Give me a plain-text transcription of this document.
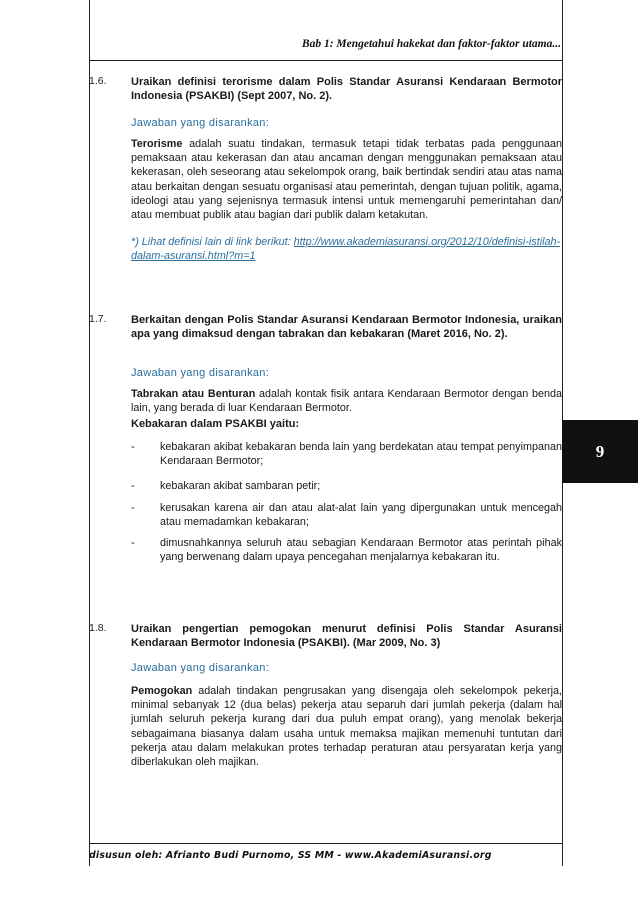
Bab 1: Mengetahui hakekat dan faktor-faktor utama...
1.6. Uraikan definisi terorisme dalam Polis Standar Asuransi Kendaraan Bermotor Indonesia (PSAKBI) (Sept 2007, No. 2).
Jawaban yang disarankan:
Terorisme adalah suatu tindakan, termasuk tetapi tidak terbatas pada penggunaan pemaksaan atau kekerasan dan atau ancaman dengan menggunakan pemaksaan atau kekerasan, oleh seseorang atau sekelompok orang, baik bertindak sendiri atau atas nama atau berkaitan dengan sesuatu organisasi atau pemerintah, dengan tujuan politik, agama, ideologi atau yang sejenisnya termasuk intensi untuk memengaruhi pemerintahan dan/ atau membuat publik atau bagian dari publik dalam ketakutan.
*) Lihat definisi lain di link berikut: http://www.akademiasuransi.org/2012/10/definisi-istilah-dalam-asuransi.html?m=1
1.7. Berkaitan dengan Polis Standar Asuransi Kendaraan Bermotor Indonesia, uraikan apa yang dimaksud dengan tabrakan dan kebakaran (Maret 2016, No. 2).
Jawaban yang disarankan:
Tabrakan atau Benturan adalah kontak fisik antara Kendaraan Bermotor dengan benda lain, yang berada di luar Kendaraan Bermotor.
Kebakaran dalam PSAKBI yaitu:
- kebakaran akibat kebakaran benda lain yang berdekatan atau tempat penyimpanan Kendaraan Bermotor;
- kebakaran akibat sambaran petir;
- kerusakan karena air dan atau alat-alat lain yang dipergunakan untuk mencegah atau memadamkan kebakaran;
- dimusnahkannya seluruh atau sebagian Kendaraan Bermotor atas perintah pihak yang berwenang dalam upaya pencegahan menjalarnya kebakaran itu.
1.8. Uraikan pengertian pemogokan menurut definisi Polis Standar Asuransi Kendaraan Bermotor Indonesia (PSAKBI). (Mar 2009, No. 3)
Jawaban yang disarankan:
Pemogokan adalah tindakan pengrusakan yang disengaja oleh sekelompok pekerja, minimal sebanyak 12 (dua belas) pekerja atau separuh dari jumlah pekerja (dalam hal jumlah seluruh pekerja kurang dari dua puluh empat orang), yang menolak bekerja sebagaimana biasanya dalam usaha untuk memaksa majikan memenuhi tuntutan dari pekerja atau dalam melakukan protes terhadap peraturan atau persyaratan kerja yang diberlakukan oleh majikan.
9
disusun oleh: Afrianto Budi Purnomo, SS MM - www.AkademiAsuransi.org
